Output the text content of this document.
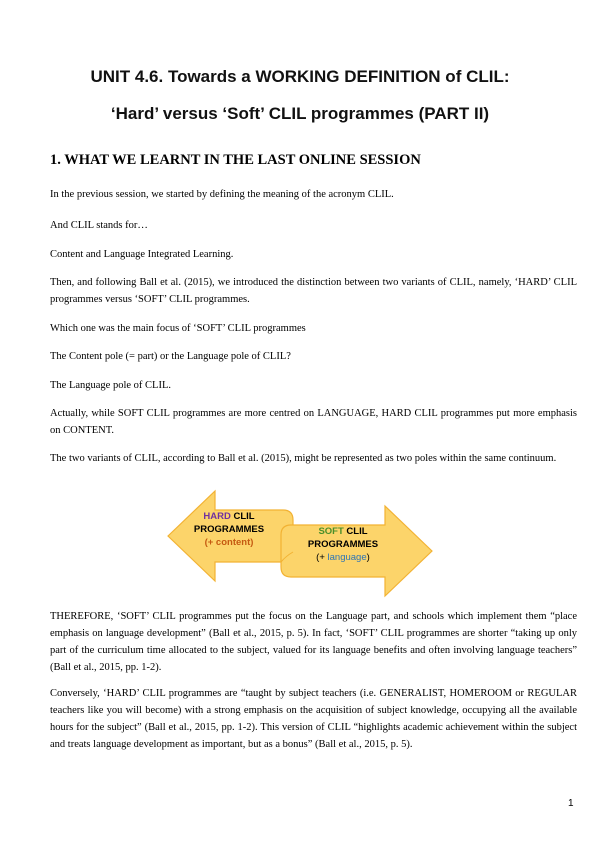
UNIT 4.6. Towards a WORKING DEFINITION of CLIL:
‘Hard’ versus ‘Soft’ CLIL programmes (PART II)
1. WHAT WE LEARNT IN THE LAST ONLINE SESSION

In the previous session, we started by defining the meaning of the acronym CLIL.

And CLIL stands for…

Content and Language Integrated Learning.

Then, and following Ball et al. (2015), we introduced the distinction between two variants of CLIL, namely, ‘HARD’ CLIL programmes versus ‘SOFT’ CLIL programmes.

Which one was the main focus of ‘SOFT’ CLIL programmes

The Content pole (= part) or the Language pole of CLIL?

The Language pole of CLIL.

Actually, while SOFT CLIL programmes are more centred on LANGUAGE, HARD CLIL programmes put more emphasis on CONTENT.

The two variants of CLIL, according to Ball et al. (2015), might be represented as two poles within the same continuum.

HARD CLIL
PROGRAMMES
(+ content)
SOFT CLIL
PROGRAMMES
(+ language)

THEREFORE, ‘SOFT’ CLIL programmes put the focus on the Language part, and schools which implement them “place emphasis on language development” (Ball et al., 2015, p. 5). In fact, ‘SOFT’ CLIL programmes are shorter “taking up only part of the curriculum time allocated to the subject, valued for its language benefits and often involving language teachers” (Ball et al., 2015, pp. 1-2).

Conversely, ‘HARD’ CLIL programmes are “taught by subject teachers (i.e. GENERALIST, HOMEROOM or REGULAR teachers like you will become) with a strong emphasis on the acquisition of subject knowledge, occupying all the available hours for the subject” (Ball et al., 2015, pp. 1-2). This version of CLIL “highlights academic achievement within the subject and treats language development as important, but as a bonus” (Ball et al., 2015, p. 5).

1
